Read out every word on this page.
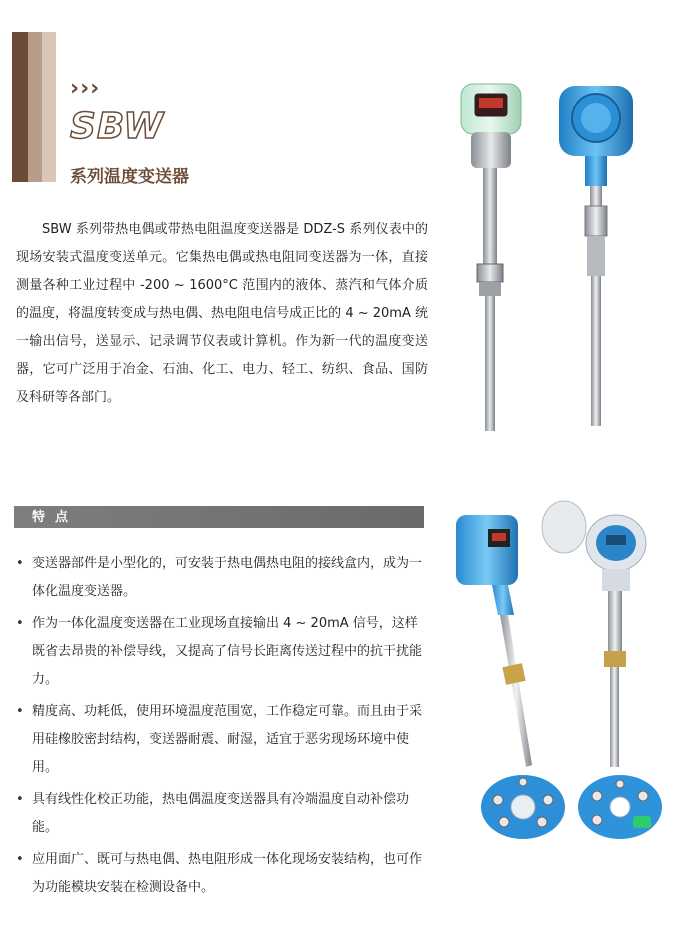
›››
SBW
系列温度变送器

SBW 系列带热电偶或带热电阻温度变送器是 DDZ-S 系列仪表中的现场安装式温度变送单元。它集热电偶或热电阻同变送器为一体，直接测量各种工业过程中 -200 ~ 1600°C 范围内的液体、蒸汽和气体介质的温度，将温度转变成与热电偶、热电阻电信号成正比的 4 ~ 20mA 统一输出信号，送显示、记录调节仪表或计算机。作为新一代的温度变送器，它可广泛用于冶金、石油、化工、电力、轻工、纺织、食品、国防及科研等各部门。

特点
• 变送器部件是小型化的，可安装于热电偶热电阻的接线盒内，成为一体化温度变送器。
• 作为一体化温度变送器在工业现场直接输出 4 ~ 20mA 信号，这样既省去昂贵的补偿导线，又提高了信号长距离传送过程中的抗干扰能力。
• 精度高、功耗低，使用环境温度范围宽，工作稳定可靠。而且由于采用硅橡胶密封结构，变送器耐震、耐湿，适宜于恶劣现场环境中使用。
• 具有线性化校正功能，热电偶温度变送器具有冷端温度自动补偿功能。
• 应用面广、既可与热电偶、热电阻形成一体化现场安装结构，也可作为功能模块安装在检测设备中。
